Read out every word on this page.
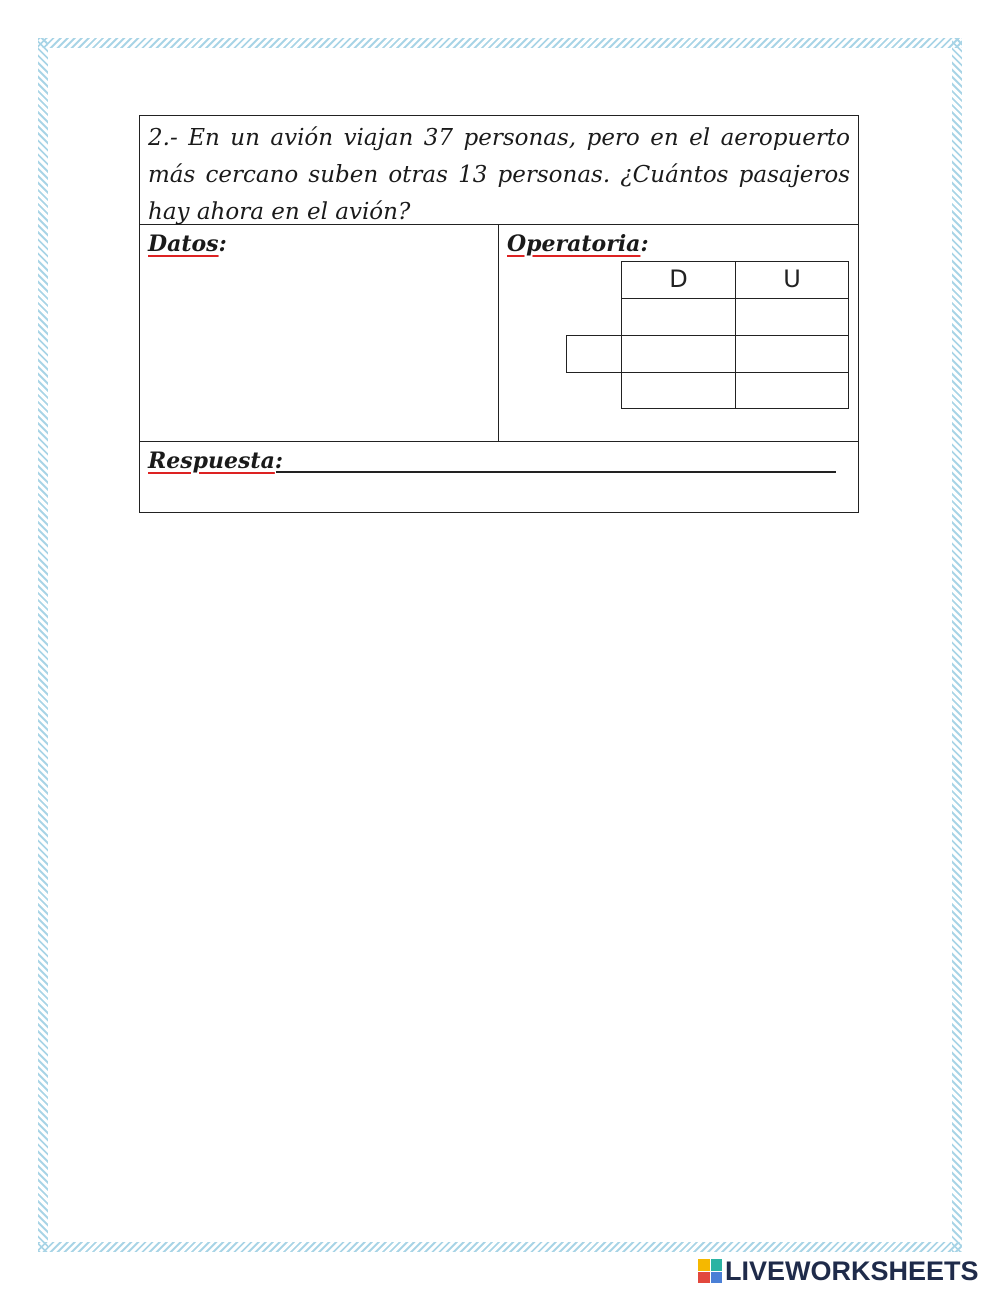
2.- En un avión viajan 37 personas, pero en el aeropuerto más cercano suben otras 13 personas. ¿Cuántos pasajeros hay ahora en el avión?
Datos:	Operatoria:
D	U
Respuesta:
LIVEWORKSHEETS
